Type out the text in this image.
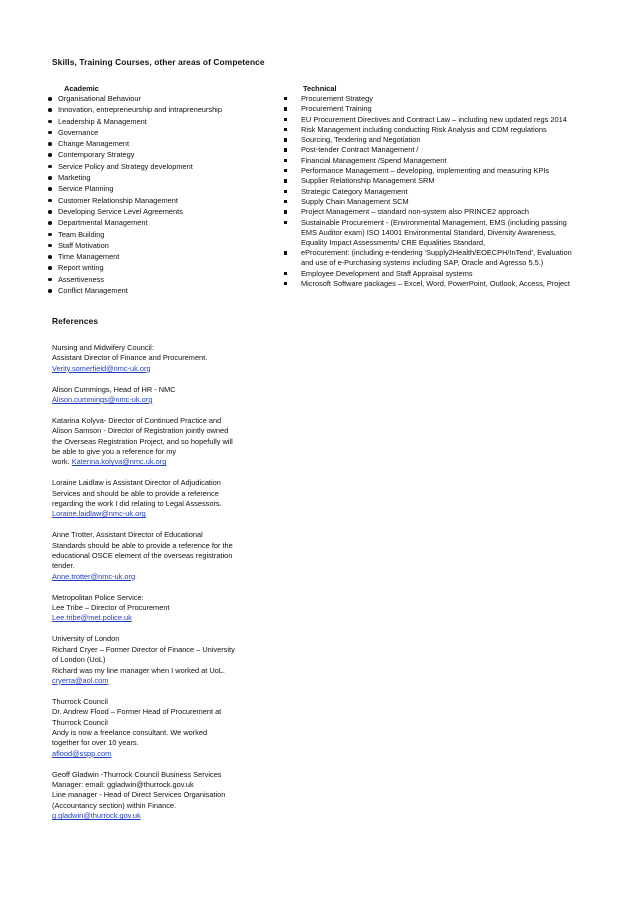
Skills, Training Courses, other areas of Competence
Academic
Organisational Behaviour
Innovation, entrepreneurship and intrapreneurship
Leadership & Management
Governance
Change Management
Contemporary Strategy
Service Policy and Strategy development
Marketing
Service Planning
Customer Relationship Management
Developing Service Level Agreements
Departmental Management
Team Building
Staff Motivation
Time Management
Report writing
Assertiveness
Conflict Management
Technical
Procurement Strategy
Procurement Training
EU Procurement Directives and Contract Law – including new updated regs 2014
Risk Management including conducting Risk Analysis and CDM regulations
Sourcing, Tendering and Negotiation
Post-tender Contract Management /
Financial Management /Spend Management
Performance Management – developing, implementing and measuring KPIs
Supplier Relationship Management SRM
Strategic Category Management
Supply Chain Management SCM
Project Management – standard non-system also PRINCE2 approach
Sustainable Procurement - (Environmental Management, EMS (including passing
EMS Auditor exam) ISO 14001 Environmental Standard, Diversity Awareness,
Equality Impact Assessments/ CRE Equalities Standard,
eProcurement: (including e-tendering 'Supply2Health/EOECPH/InTend', Evaluation
and use of e-Purchasing systems including SAP, Oracle and Agresso 5.5.)
Employee Development and Staff Appraisal systems
Microsoft Software packages – Excel, Word, PowerPoint, Outlook, Access, Project
References
Nursing and Midwifery Council:
Assistant Director of Finance and Procurement.
Verity.somerfield@nmc-uk.org
Alison Cummings, Head of HR - NMC
Alison.cummings@nmc-uk.org
Katarina Kolyva- Director of Continued Practice and
Alison Samson - Director of Registration jointly owned
the Overseas Registration Project, and so hopefully will
be able to give you a reference for my
work. Katerina.kolyva@nmc.uk.org
Loraine Laidlaw is Assistant Director of Adjudication
Services and should be able to provide a reference
regarding the work I did relating to Legal Assessors.
Loraine.laidlaw@nmc-uk.org
Anne Trotter, Assistant Director of Educational
Standards should be able to provide a reference for the
educational OSCE element of the overseas registration
tender.
Anne.trotter@nmc-uk.org
Metropolitan Police Service:
Lee Tribe – Director of Procurement
Lee.tribe@met.police.uk
University of London
Richard Cryer – Former Director of Finance – University
of London (UoL)
Richard was my line manager when I worked at UoL.
cryerra@aol.com
Thurrock Council
Dr. Andrew Flood – Former Head of Procurement at
Thurrock Council
Andy is now a freelance consultant. We worked
together for over 10 years.
aflood@sspp.com
Geoff Gladwin -Thurrock Council Business Services
Manager: email: ggladwin@thurrock.gov.uk
Line manager - Head of Direct Services Organisation
(Accountancy section) within Finance.
g.gladwin@thurrock.gov.uk
